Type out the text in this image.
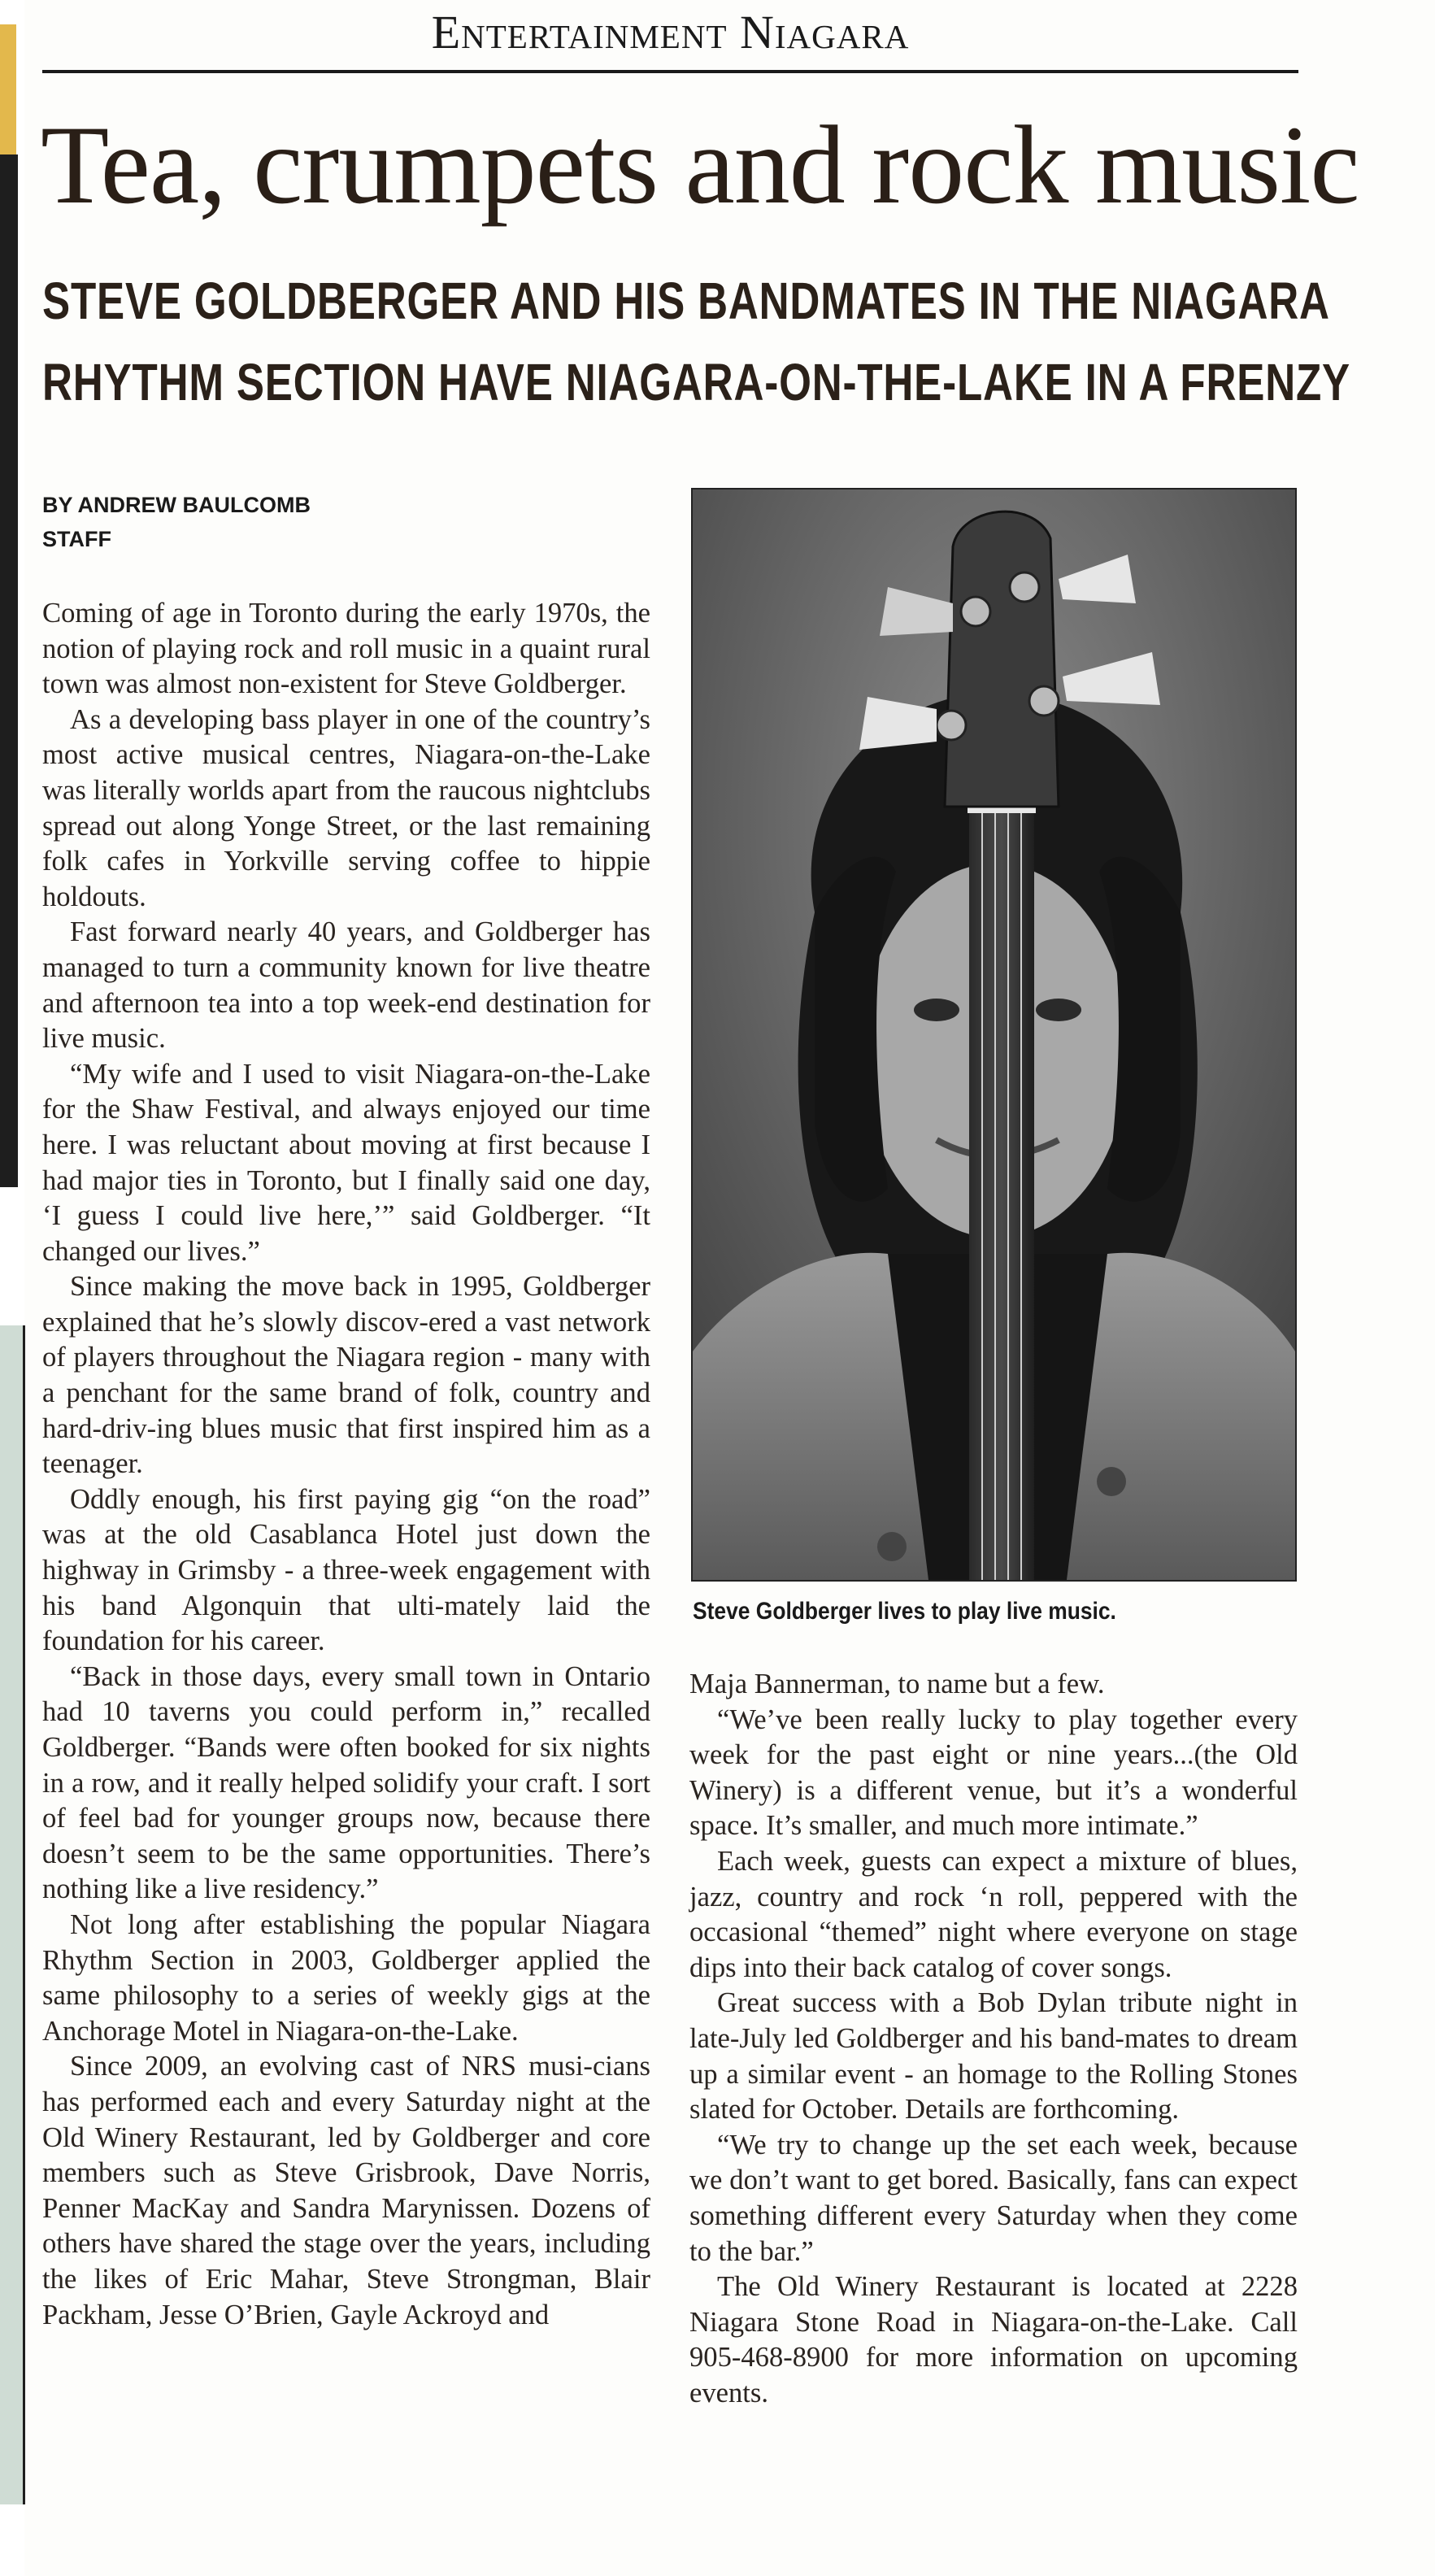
Entertainment Niagara
Tea, crumpets and rock music
STEVE GOLDBERGER AND HIS BANDMATES IN THE NIAGARA
RHYTHM SECTION HAVE NIAGARA-ON-THE-LAKE IN A FRENZY
BY ANDREW BAULCOMB
STAFF

Coming of age in Toronto during the early 1970s, the notion of playing rock and roll music in a quaint rural town was almost non-existent for Steve Goldberger.

As a developing bass player in one of the country’s most active musical centres, Niagara-on-the-Lake was literally worlds apart from the raucous nightclubs spread out along Yonge Street, or the last remaining folk cafes in Yorkville serving coffee to hippie holdouts.

Fast forward nearly 40 years, and Goldberger has managed to turn a community known for live theatre and afternoon tea into a top week-end destination for live music.

“My wife and I used to visit Niagara-on-the-Lake for the Shaw Festival, and always enjoyed our time here. I was reluctant about moving at first because I had major ties in Toronto, but I finally said one day, ‘I guess I could live here,’” said Goldberger. “It changed our lives.”

Since making the move back in 1995, Goldberger explained that he’s slowly discov-ered a vast network of players throughout the Niagara region - many with a penchant for the same brand of folk, country and hard-driv-ing blues music that first inspired him as a teenager.

Oddly enough, his first paying gig “on the road” was at the old Casablanca Hotel just down the highway in Grimsby - a three-week engagement with his band Algonquin that ulti-mately laid the foundation for his career.

“Back in those days, every small town in Ontario had 10 taverns you could perform in,” recalled Goldberger. “Bands were often booked for six nights in a row, and it really helped solidify your craft. I sort of feel bad for younger groups now, because there doesn’t seem to be the same opportunities. There’s nothing like a live residency.”

Not long after establishing the popular Niagara Rhythm Section in 2003, Goldberger applied the same philosophy to a series of weekly gigs at the Anchorage Motel in Niagara-on-the-Lake.

Since 2009, an evolving cast of NRS musi-cians has performed each and every Saturday night at the Old Winery Restaurant, led by Goldberger and core members such as Steve Grisbrook, Dave Norris, Penner MacKay and Sandra Marynissen. Dozens of others have shared the stage over the years, including the likes of Eric Mahar, Steve Strongman, Blair Packham, Jesse O’Brien, Gayle Ackroyd and

Steve Goldberger lives to play live music.

Maja Bannerman, to name but a few.

“We’ve been really lucky to play together every week for the past eight or nine years...(the Old Winery) is a different venue, but it’s a wonderful space. It’s smaller, and much more intimate.”

Each week, guests can expect a mixture of blues, jazz, country and rock ‘n roll, peppered with the occasional “themed” night where everyone on stage dips into their back catalog of cover songs.

Great success with a Bob Dylan tribute night in late-July led Goldberger and his band-mates to dream up a similar event - an homage to the Rolling Stones slated for October. Details are forthcoming.

“We try to change up the set each week, because we don’t want to get bored. Basically, fans can expect something different every Saturday when they come to the bar.”

The Old Winery Restaurant is located at 2228 Niagara Stone Road in Niagara-on-the-Lake. Call 905-468-8900 for more information on upcoming events.
